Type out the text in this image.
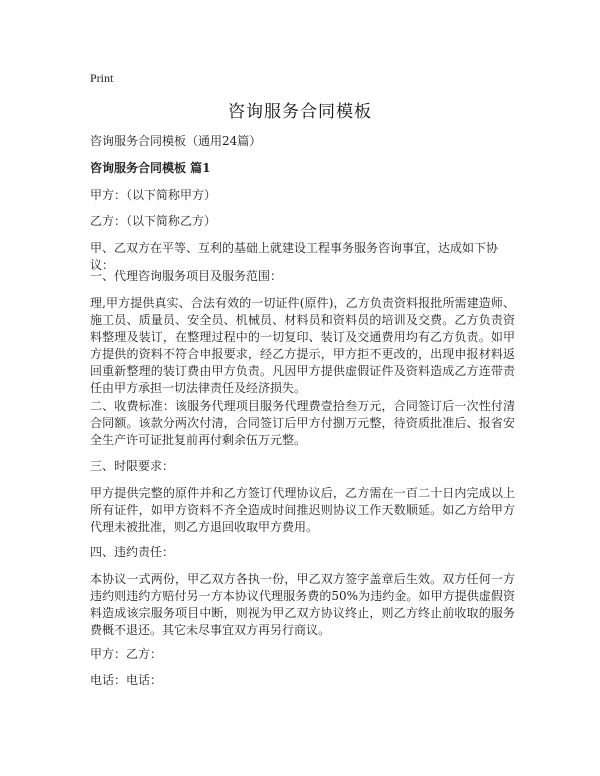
Print
咨询服务合同模板
咨询服务合同模板（通用24篇）
咨询服务合同模板 篇1
甲方：（以下简称甲方）
乙方：（以下简称乙方）
甲、乙双方在平等、互利的基础上就建设工程事务服务咨询事宜，达成如下协议：
一、代理咨询服务项目及服务范围：
理,甲方提供真实、合法有效的一切证件(原件)，乙方负责资料报批所需建造师、施工员、质量员、安全员、机械员、材料员和资料员的培训及交费。乙方负责资料整理及装订，在整理过程中的一切复印、装订及交通费用均有乙方负责。如甲方提供的资料不符合申报要求，经乙方提示，甲方拒不更改的，出现申报材料返回重新整理的装订费由甲方负责。凡因甲方提供虚假证件及资料造成乙方连带责任由甲方承担一切法律责任及经济损失。
二、收费标准：该服务代理项目服务代理费壹拾叁万元，合同签订后一次性付清合同额。该款分两次付清，合同签订后甲方付捌万元整，待资质批准后、报省安全生产许可证批复前再付剩余伍万元整。
三、时限要求：
甲方提供完整的原件并和乙方签订代理协议后，乙方需在一百二十日内完成以上所有证件，如甲方资料不齐全造成时间推迟则协议工作天数顺延。如乙方给甲方代理未被批准，则乙方退回收取甲方费用。
四、违约责任：
本协议一式两份，甲乙双方各执一份，甲乙双方签字盖章后生效。双方任何一方违约则违约方赔付另一方本协议代理服务费的50%为违约金。如甲方提供虚假资料造成该宗服务项目中断，则视为甲乙双方协议终止，则乙方终止前收取的服务费概不退还。其它未尽事宜双方再另行商议。
甲方：乙方：
电话：电话：
